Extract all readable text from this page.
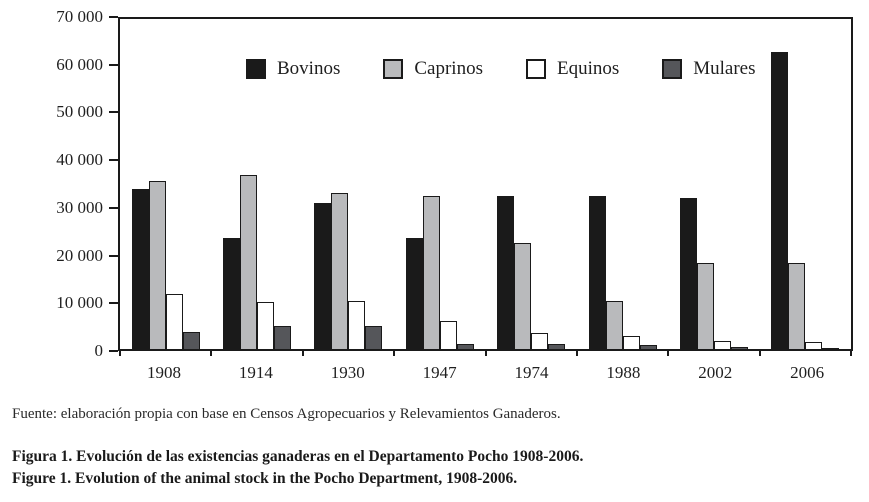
0
10 000
20 000
30 000
40 000
50 000
60 000
70 000
Bovinos	Caprinos	Equinos	Mulares
1908	1914	1930	1947	1974	1988	2002	2006

Fuente: elaboración propia con base en Censos Agropecuarios y Relevamientos Ganaderos.

Figura 1. Evolución de las existencias ganaderas en el Departamento Pocho 1908-2006.

Figure 1. Evolution of the animal stock in the Pocho Department, 1908-2006.
